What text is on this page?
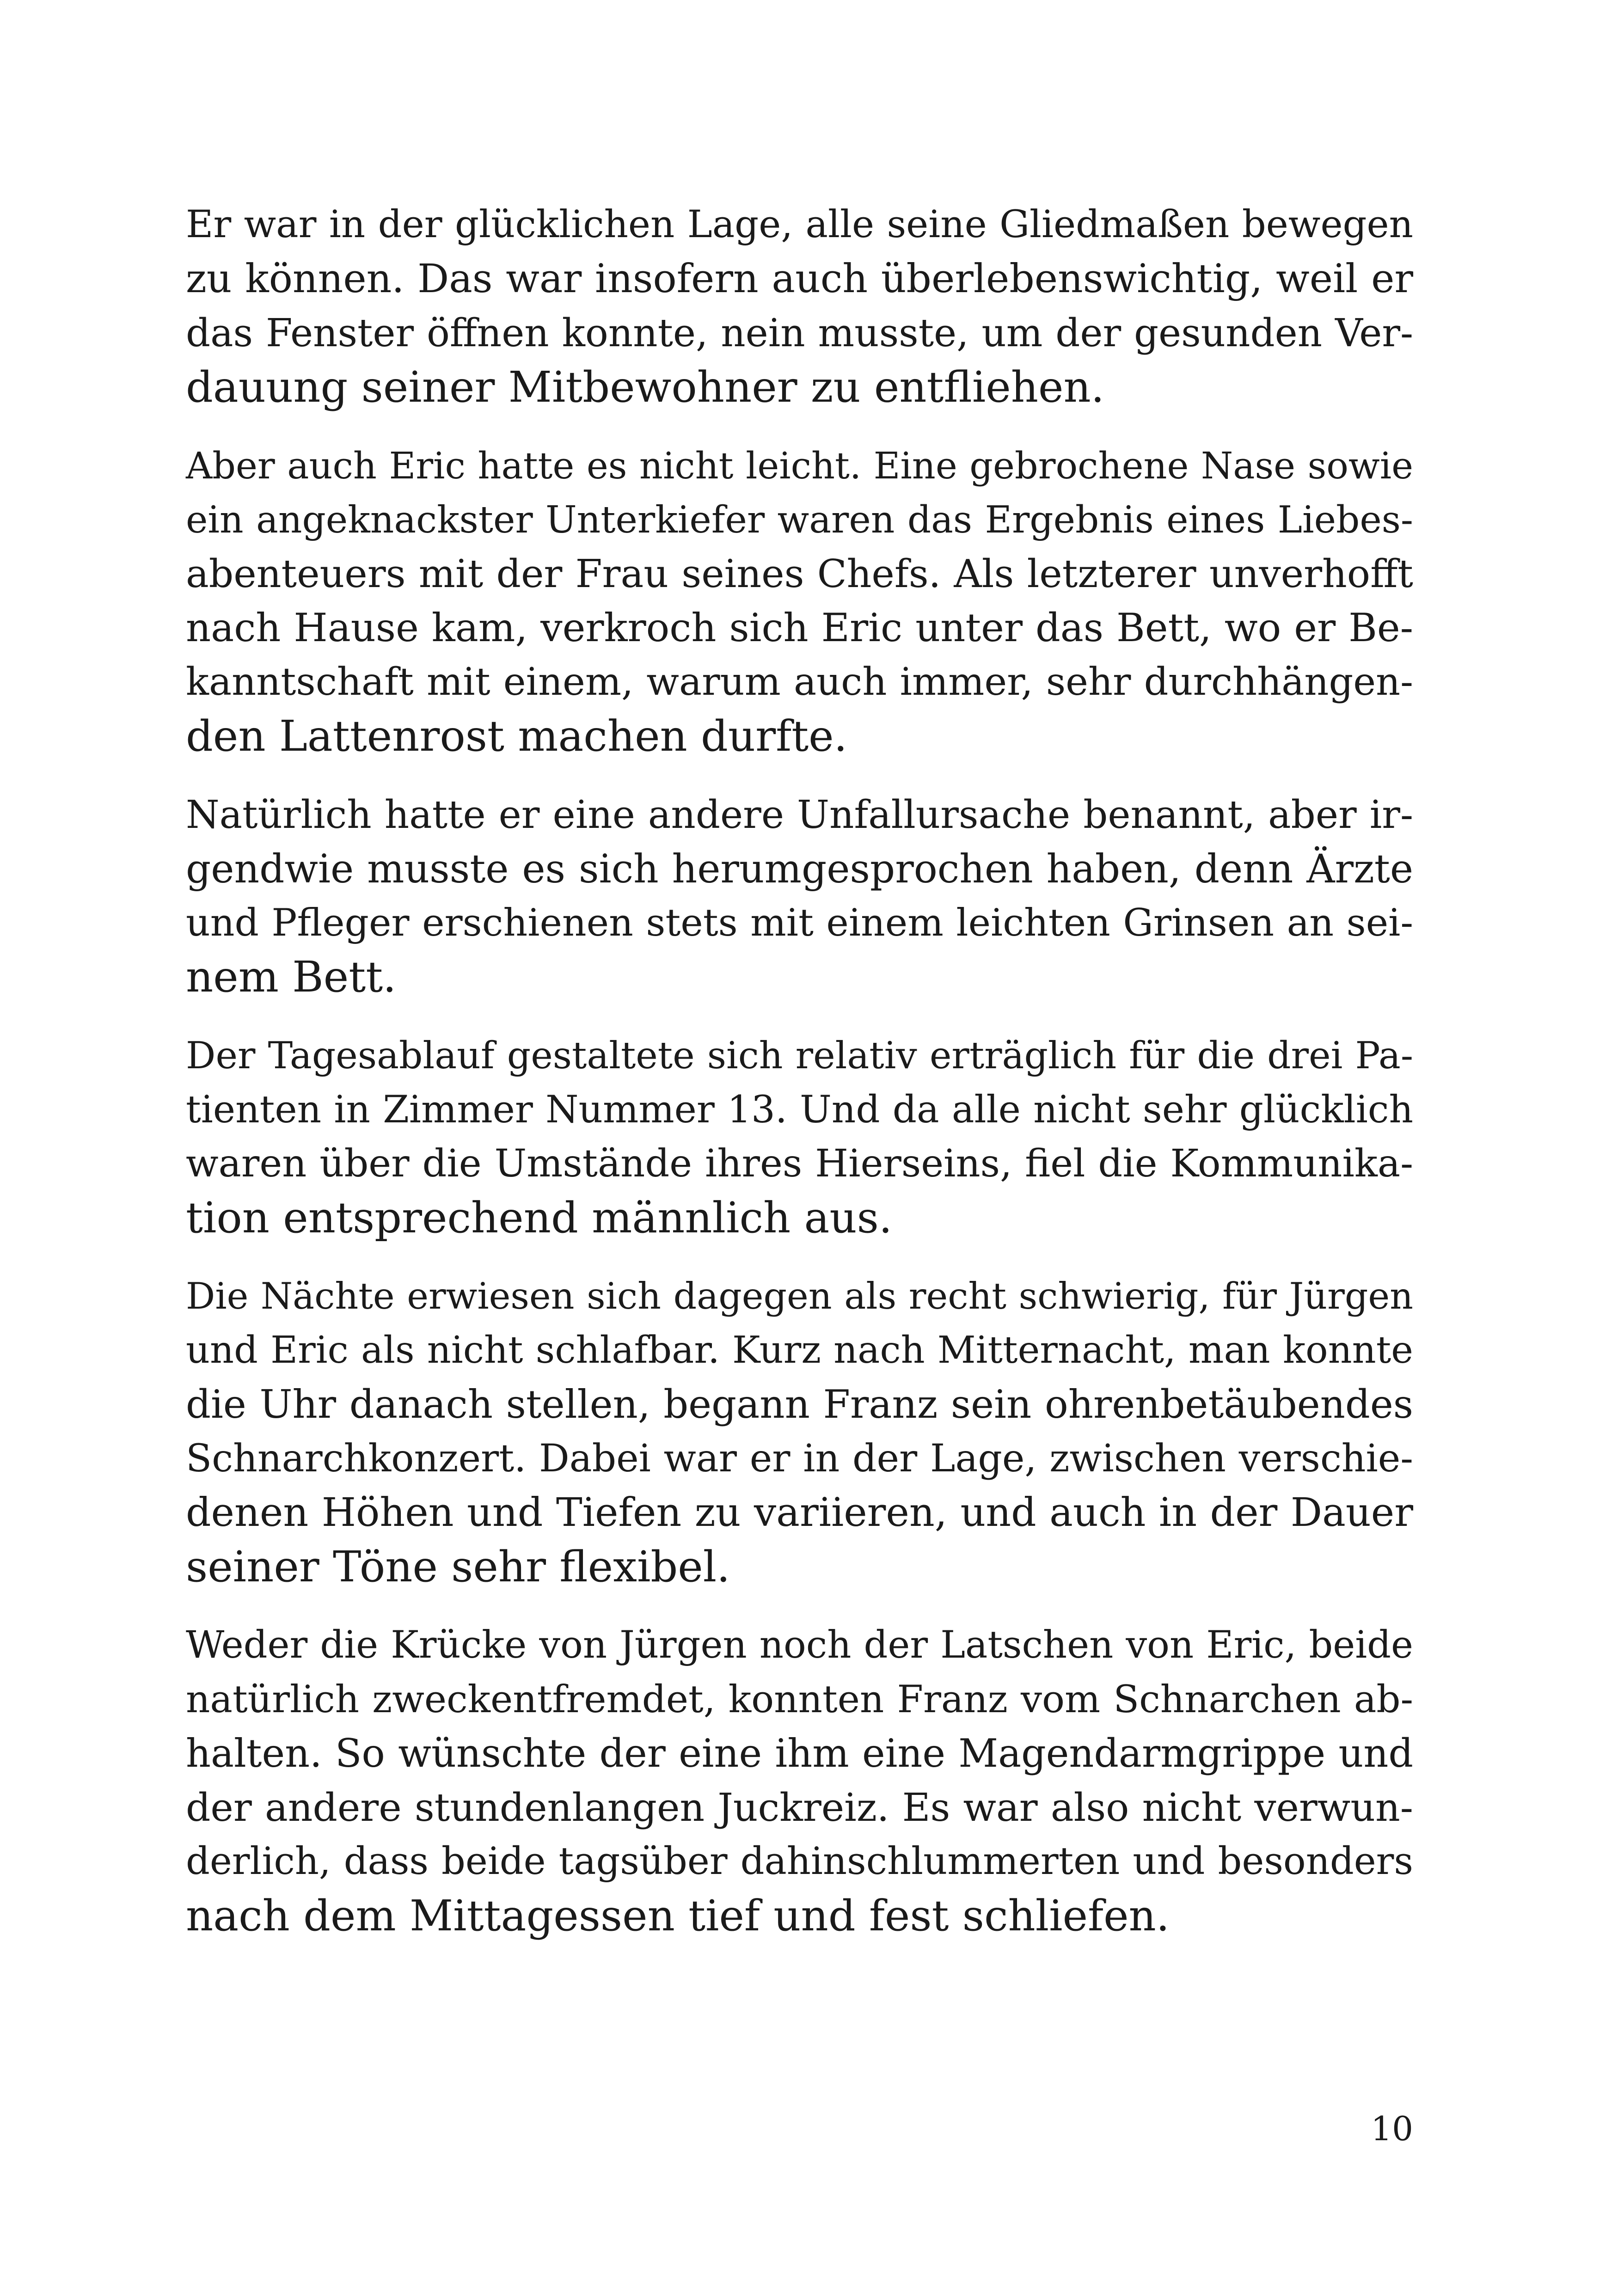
Er war in der glücklichen Lage, alle seine Gliedmaßen bewegen
zu können. Das war insofern auch überlebenswichtig, weil er
das Fenster öffnen konnte, nein musste, um der gesunden Ver-
dauung seiner Mitbewohner zu entfliehen.
Aber auch Eric hatte es nicht leicht. Eine gebrochene Nase sowie
ein angeknackster Unterkiefer waren das Ergebnis eines Liebes-
abenteuers mit der Frau seines Chefs. Als letzterer unverhofft
nach Hause kam, verkroch sich Eric unter das Bett, wo er Be-
kanntschaft mit einem, warum auch immer, sehr durchhängen-
den Lattenrost machen durfte.
Natürlich hatte er eine andere Unfallursache benannt, aber ir-
gendwie musste es sich herumgesprochen haben, denn Ärzte
und Pfleger erschienen stets mit einem leichten Grinsen an sei-
nem Bett.
Der Tagesablauf gestaltete sich relativ erträglich für die drei Pa-
tienten in Zimmer Nummer 13. Und da alle nicht sehr glücklich
waren über die Umstände ihres Hierseins, fiel die Kommunika-
tion entsprechend männlich aus.
Die Nächte erwiesen sich dagegen als recht schwierig, für Jürgen
und Eric als nicht schlafbar. Kurz nach Mitternacht, man konnte
die Uhr danach stellen, begann Franz sein ohrenbetäubendes
Schnarchkonzert. Dabei war er in der Lage, zwischen verschie-
denen Höhen und Tiefen zu variieren, und auch in der Dauer
seiner Töne sehr flexibel.
Weder die Krücke von Jürgen noch der Latschen von Eric, beide
natürlich zweckentfremdet, konnten Franz vom Schnarchen ab-
halten. So wünschte der eine ihm eine Magendarmgrippe und
der andere stundenlangen Juckreiz. Es war also nicht verwun-
derlich, dass beide tagsüber dahinschlummerten und besonders
nach dem Mittagessen tief und fest schliefen.
10
